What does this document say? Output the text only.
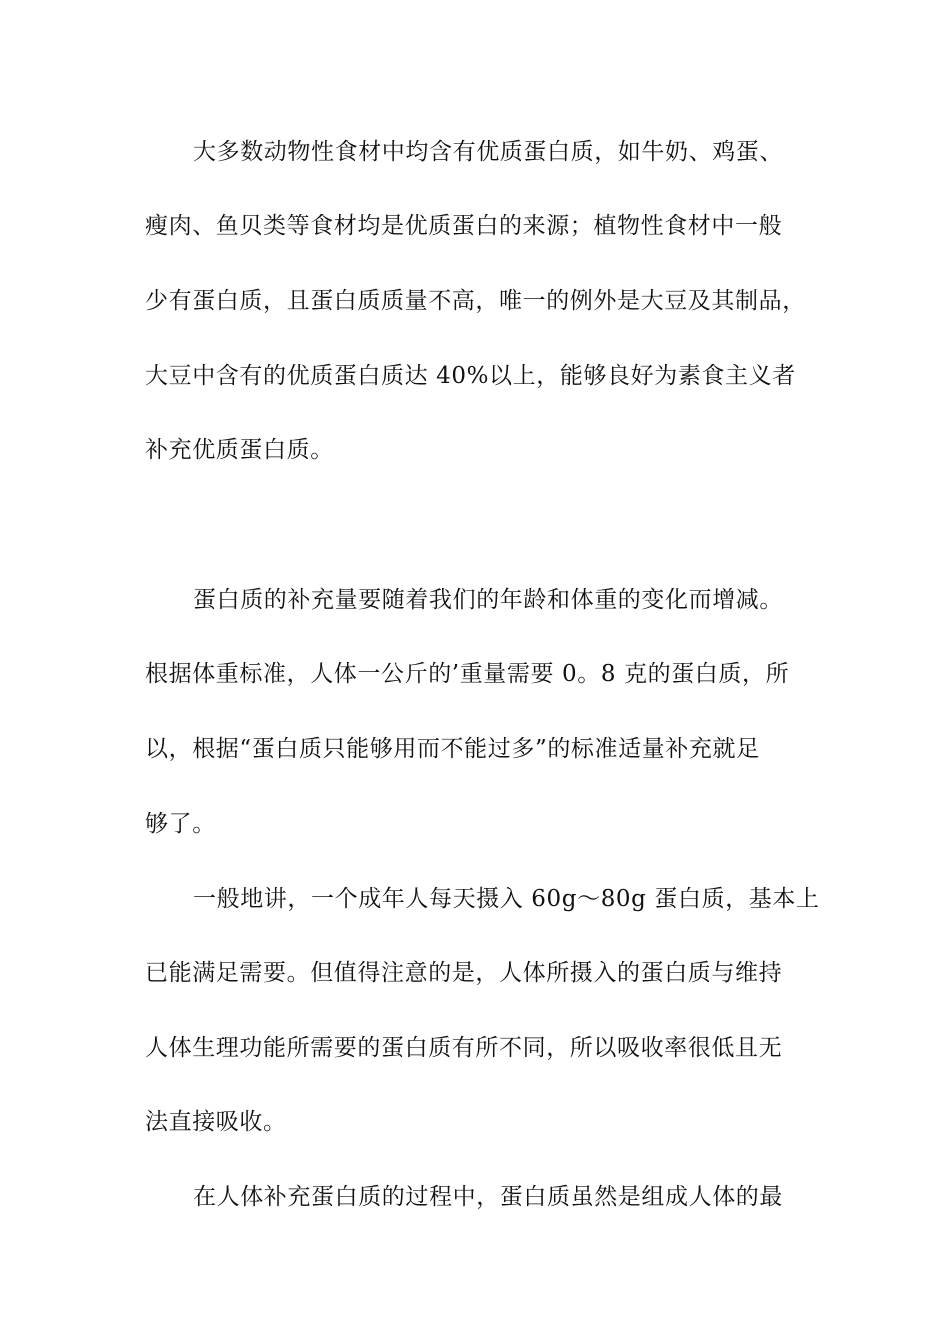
大多数动物性食材中均含有优质蛋白质，如牛奶、鸡蛋、
瘦肉、鱼贝类等食材均是优质蛋白的来源；植物性食材中一般
少有蛋白质，且蛋白质质量不高，唯一的例外是大豆及其制品，
大豆中含有的优质蛋白质达 40%以上，能够良好为素食主义者
补充优质蛋白质。
蛋白质的补充量要随着我们的年龄和体重的变化而增减。
根据体重标准，人体一公斤的’重量需要 0。8 克的蛋白质，所
以，根据“蛋白质只能够用而不能过多”的标准适量补充就足
够了。
一般地讲，一个成年人每天摄入 60g～80g 蛋白质，基本上
已能满足需要。但值得注意的是，人体所摄入的蛋白质与维持
人体生理功能所需要的蛋白质有所不同，所以吸收率很低且无
法直接吸收。
在人体补充蛋白质的过程中，蛋白质虽然是组成人体的最
